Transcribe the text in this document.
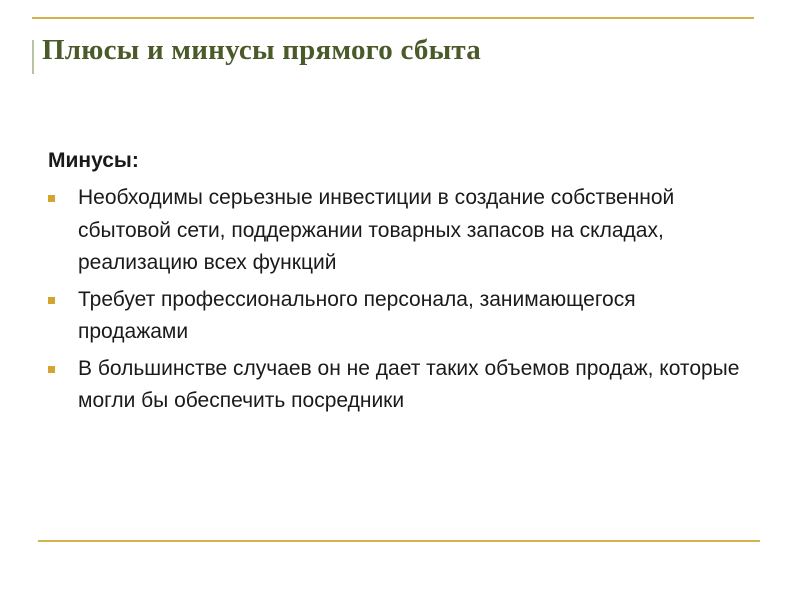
Плюсы и минусы прямого сбыта
Минусы:
Необходимы серьезные инвестиции в создание собственной сбытовой сети, поддержании товарных запасов на складах, реализацию всех функций
Требует профессионального персонала, занимающегося продажами
В большинстве случаев он не дает таких объемов продаж, которые могли бы обеспечить посредники
